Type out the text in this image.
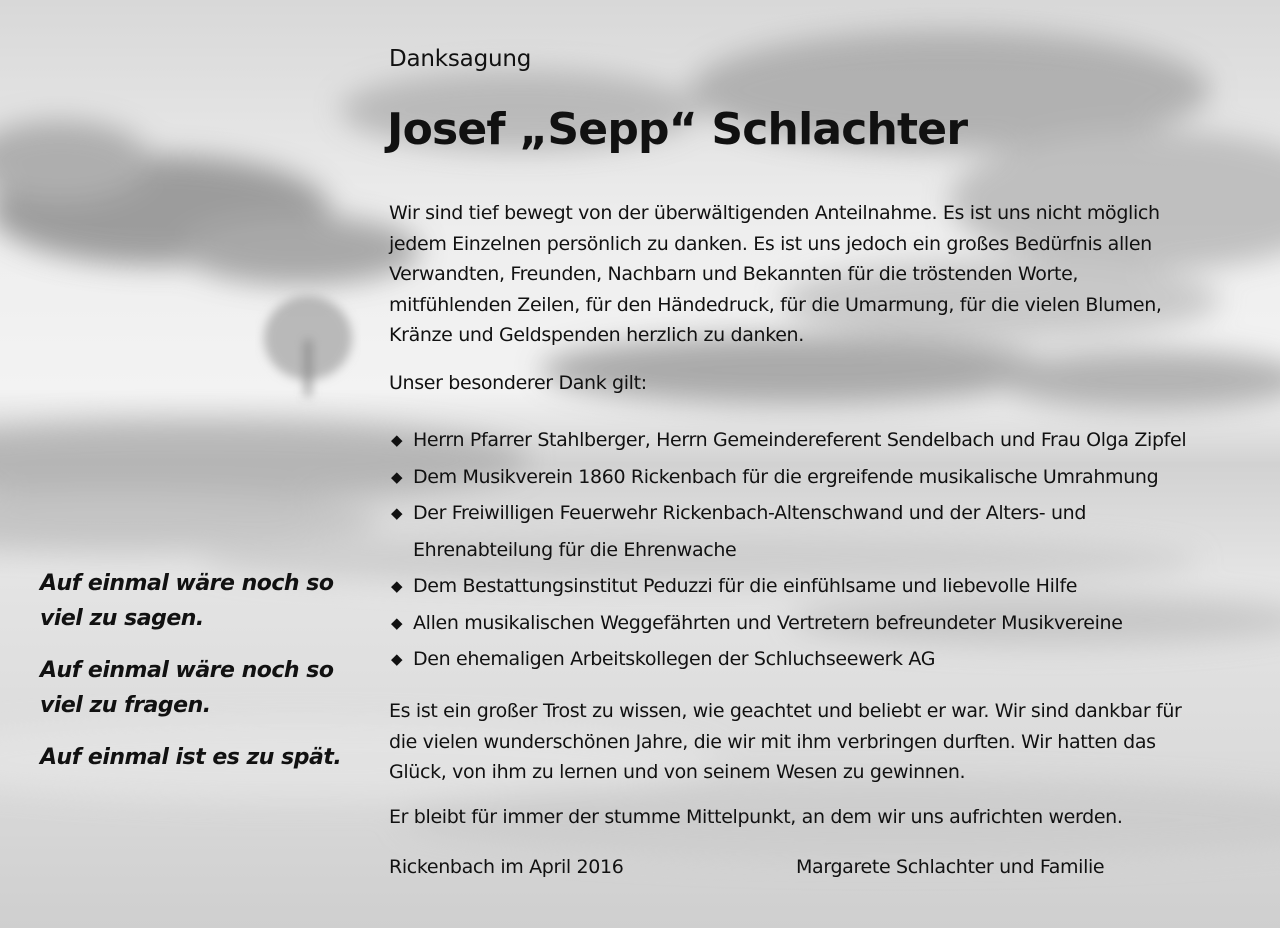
Danksagung
Josef „Sepp“ Schlachter
Wir sind tief bewegt von der überwältigenden Anteilnahme. Es ist uns nicht möglich
jedem Einzelnen persönlich zu danken. Es ist uns jedoch ein großes Bedürfnis allen
Verwandten, Freunden, Nachbarn und Bekannten für die tröstenden Worte,
mitfühlenden Zeilen, für den Händedruck, für die Umarmung, für die vielen Blumen,
Kränze und Geldspenden herzlich zu danken.
Unser besonderer Dank gilt:
◆ Herrn Pfarrer Stahlberger, Herrn Gemeindereferent Sendelbach und Frau Olga Zipfel
◆ Dem Musikverein 1860 Rickenbach für die ergreifende musikalische Umrahmung
◆ Der Freiwilligen Feuerwehr Rickenbach-Altenschwand und der Alters- und
Ehrenabteilung für die Ehrenwache
◆ Dem Bestattungsinstitut Peduzzi für die einfühlsame und liebevolle Hilfe
◆ Allen musikalischen Weggefährten und Vertretern befreundeter Musikvereine
◆ Den ehemaligen Arbeitskollegen der Schluchseewerk AG
Es ist ein großer Trost zu wissen, wie geachtet und beliebt er war. Wir sind dankbar für
die vielen wunderschönen Jahre, die wir mit ihm verbringen durften. Wir hatten das
Glück, von ihm zu lernen und von seinem Wesen zu gewinnen.
Er bleibt für immer der stumme Mittelpunkt, an dem wir uns aufrichten werden.
Rickenbach im April 2016	Margarete Schlachter und Familie

Auf einmal wäre noch so
viel zu sagen.

Auf einmal wäre noch so
viel zu fragen.

Auf einmal ist es zu spät.
